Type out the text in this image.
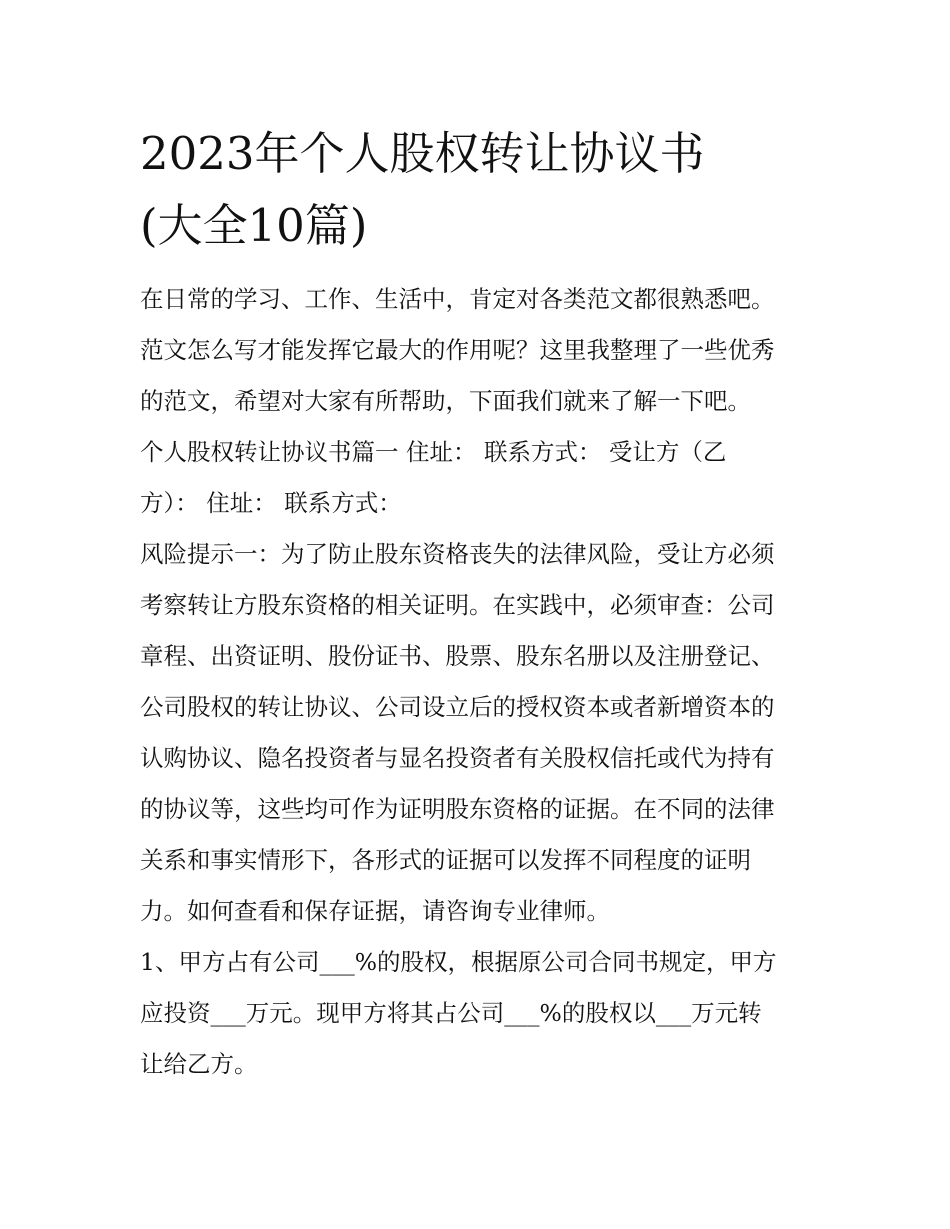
2023年个人股权转让协议书
(大全10篇)
在日常的学习、工作、生活中，肯定对各类范文都很熟悉吧。
范文怎么写才能发挥它最大的作用呢？这里我整理了一些优秀
的范文，希望对大家有所帮助，下面我们就来了解一下吧。
个人股权转让协议书篇一 住址： 联系方式： 受让方（乙
方）： 住址： 联系方式：
风险提示一：为了防止股东资格丧失的法律风险，受让方必须
考察转让方股东资格的相关证明。在实践中，必须审查：公司
章程、出资证明、股份证书、股票、股东名册以及注册登记、
公司股权的转让协议、公司设立后的授权资本或者新增资本的
认购协议、隐名投资者与显名投资者有关股权信托或代为持有
的协议等，这些均可作为证明股东资格的证据。在不同的法律
关系和事实情形下，各形式的证据可以发挥不同程度的证明
力。如何查看和保存证据，请咨询专业律师。
1、甲方占有公司___%的股权，根据原公司合同书规定，甲方
应投资___万元。现甲方将其占公司___%的股权以___万元转
让给乙方。
